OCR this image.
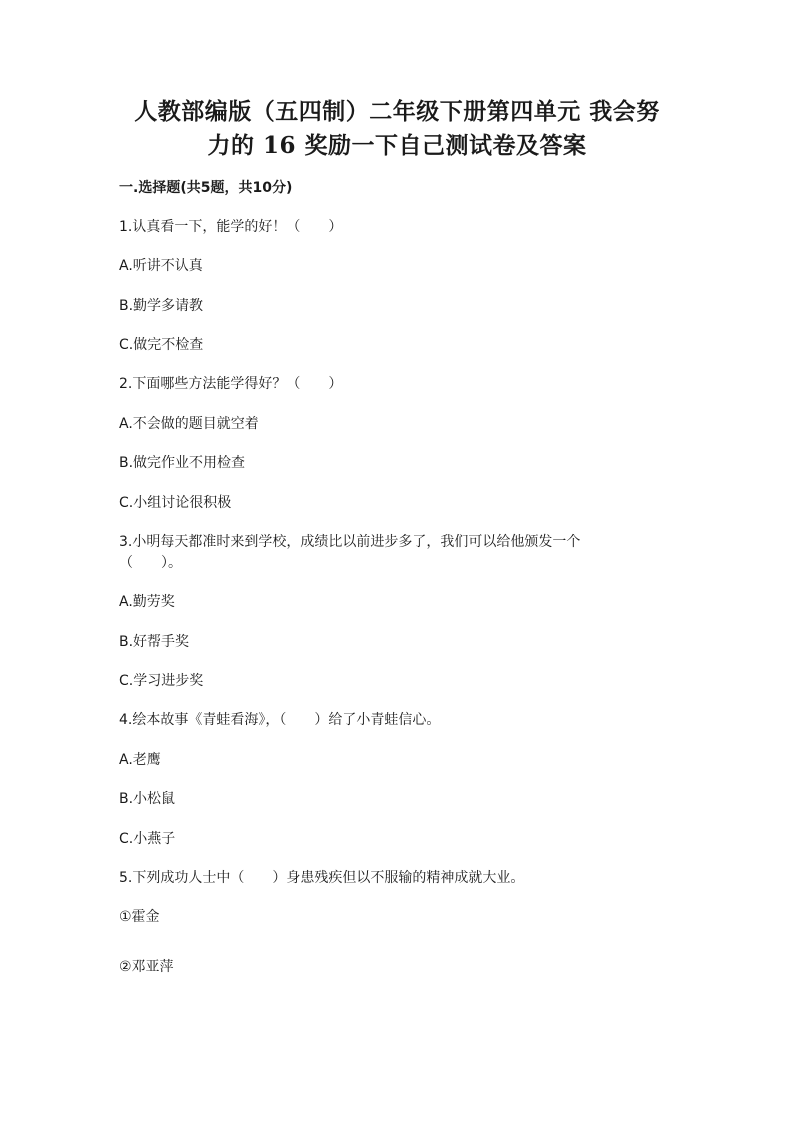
人教部编版（五四制）二年级下册第四单元 我会努
力的 16 奖励一下自己测试卷及答案
一.选择题(共5题，共10分)
1.认真看一下，能学的好！（　　）
A.听讲不认真
B.勤学多请教
C.做完不检查
2.下面哪些方法能学得好？（　　）
A.不会做的题目就空着
B.做完作业不用检查
C.小组讨论很积极
3.小明每天都准时来到学校，成绩比以前进步多了，我们可以给他颁发一个
（　　）。
A.勤劳奖
B.好帮手奖
C.学习进步奖
4.绘本故事《青蛙看海》，（　　）给了小青蛙信心。
A.老鹰
B.小松鼠
C.小燕子
5.下列成功人士中（　　）身患残疾但以不服输的精神成就大业。
①霍金
②邓亚萍
